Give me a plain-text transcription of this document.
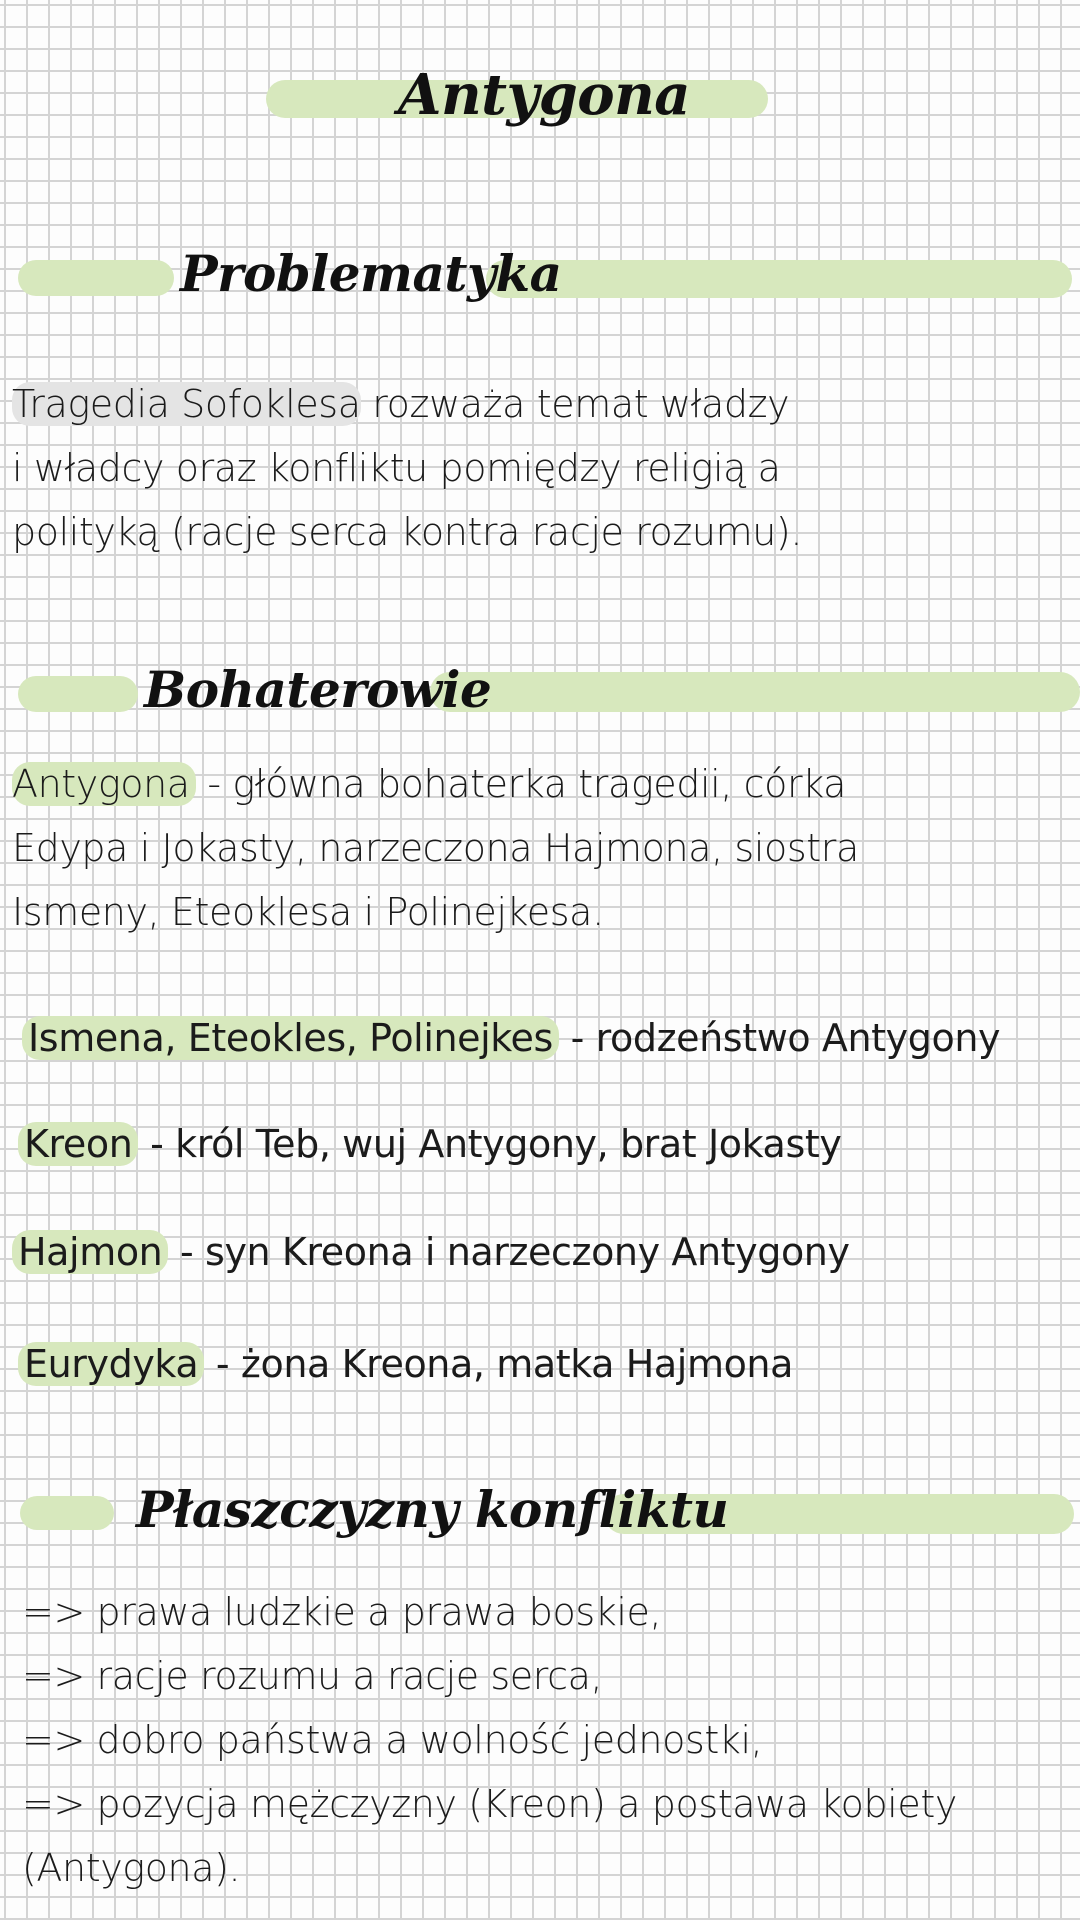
Antygona
Problematyka
Tragedia Sofoklesa rozważa temat władzy
i władcy oraz konfliktu pomiędzy religią a
polityką (racje serca kontra racje rozumu).
Bohaterowie
Antygona - główna bohaterka tragedii, córka
Edypa i Jokasty, narzeczona Hajmona, siostra
Ismeny, Eteoklesa i Polinejkesa.
Ismena, Eteokles, Polinejkes - rodzeństwo Antygony
Kreon - król Teb, wuj Antygony, brat Jokasty
Hajmon - syn Kreona i narzeczony Antygony
Eurydyka - żona Kreona, matka Hajmona
Płaszczyzny konfliktu
=> prawa ludzkie a prawa boskie,
=> racje rozumu a racje serca,
=> dobro państwa a wolność jednostki,
=> pozycja mężczyzny (Kreon) a postawa kobiety
(Antygona).
